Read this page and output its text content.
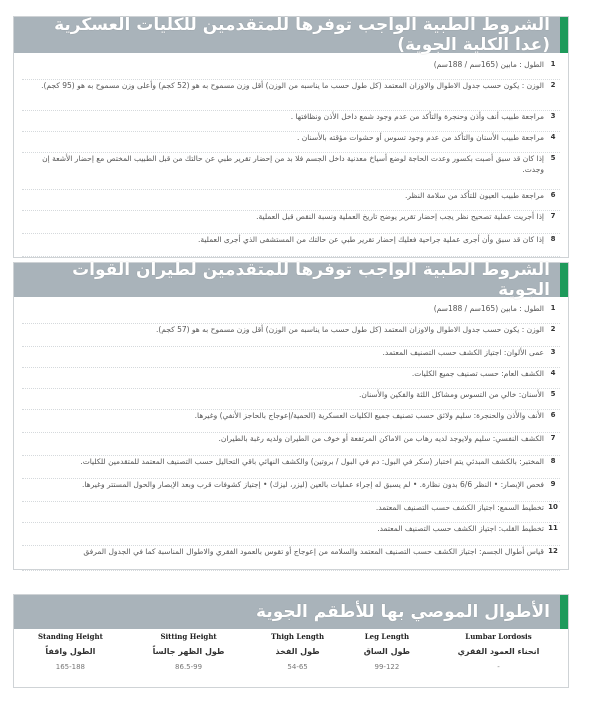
الشروط الطبية الواجب توفرها للمتقدمين للكليات العسكرية (عدا الكلية الجوية)
1
الطول : مابين (165سم / 188سم)
2
الوزن : يكون حسب جدول الاطوال والاوزان المعتمد (كل طول حسب ما يناسبه من الوزن) أقل وزن مسموح به هو (52 كجم) وأعلى وزن مسموح به هو (95 كجم).
3
مراجعة طبيب أنف وأذن وحنجرة والتأكد من عدم وجود شمع داخل الأذن ونظافتها .
4
مراجعة طبيب الأسنان والتأكد من عدم وجود تسوس أو حشوات مؤقته بالأسنان .
5
إذا كان قد سبق أصبت بكسور وعدت الحاجة لوضع أسياخ معدنية داخل الجسم فلا بد من إحضار تقرير طبي عن حالتك من قبل الطبيب المختص مع إحضار الأشعة إن وجدت.
6
مراجعة طبيب العيون للتأكد من سلامة النظر.
7
إذا أجريت عملية تصحيح نظر يجب إحضار تقرير يوضح تاريخ العملية ونسبة النقص قبل العملية.
8
إذا كان قد سبق وأن أجرى عملية جراحية فعليك إحضار تقرير طبي عن حالتك من المستشفى الذي أجرى العملية.
الشروط الطبية الواجب توفرها للمتقدمين لطيران القوات الجوية
1
الطول : مابين (165سم / 188سم)
2
الوزن : يكون حسب جدول الاطوال والاوزان المعتمد (كل طول حسب ما يناسبه من الوزن) أقل وزن مسموح به هو (57 كجم).
3
عمى الألوان: اجتياز الكشف حسب التصنيف المعتمد.
4
الكشف العام: حسب تصنيف جميع الكليات.
5
الأسنان: خالي من التسوس ومشاكل اللثة والفكين والأسنان.
6
الأنف والأذن والحنجرة: سليم ولائق حسب تصنيف جميع الكليات العسكرية (الحمية/إعوجاج بالحاجز الأنفي) وغيرها.
7
الكشف النفسي: سليم ولايوجد لديه رهاب من الاماكن المرتفعة أو خوف من الطيران ولديه رغبة بالطيران.
8
المختبر: بالكشف المبدئي يتم اختبار (سكر في البول: دم في البول / بروتين) والكشف النهائي باقي التحاليل حسب التصنيف المعتمد للمتقدمين للكليات.
9
فحص الإبصار: • النظر 6/6 بدون نظارة. • لم يسبق له إجراء عمليات بالعين (ليزر، ليزك) • إجتياز كشوفات قرب وبعد الإبصار والحول المستتر وغيرها.
10
تخطيط السمع: اجتياز الكشف حسب التصنيف المعتمد.
11
تخطيط القلب: اجتياز الكشف حسب التصنيف المعتمد.
12
قياس أطوال الجسم: اجتياز الكشف حسب التصنيف المعتمد والسلامه من إعوجاج أو تقوس بالعمود الفقري والاطوال المناسبة كما في الجدول المرفق
الأطوال الموصي بها للأطقم الجوية
Standing Height	Sitting Height	Thigh Length	Leg Length	Lumbar Lordosis
الطول واقفاً	طول الظهر جالساً	طول الفخذ	طول الساق	انحناء العمود الفقري
165-188	86.5-99	54-65	99-122	-
